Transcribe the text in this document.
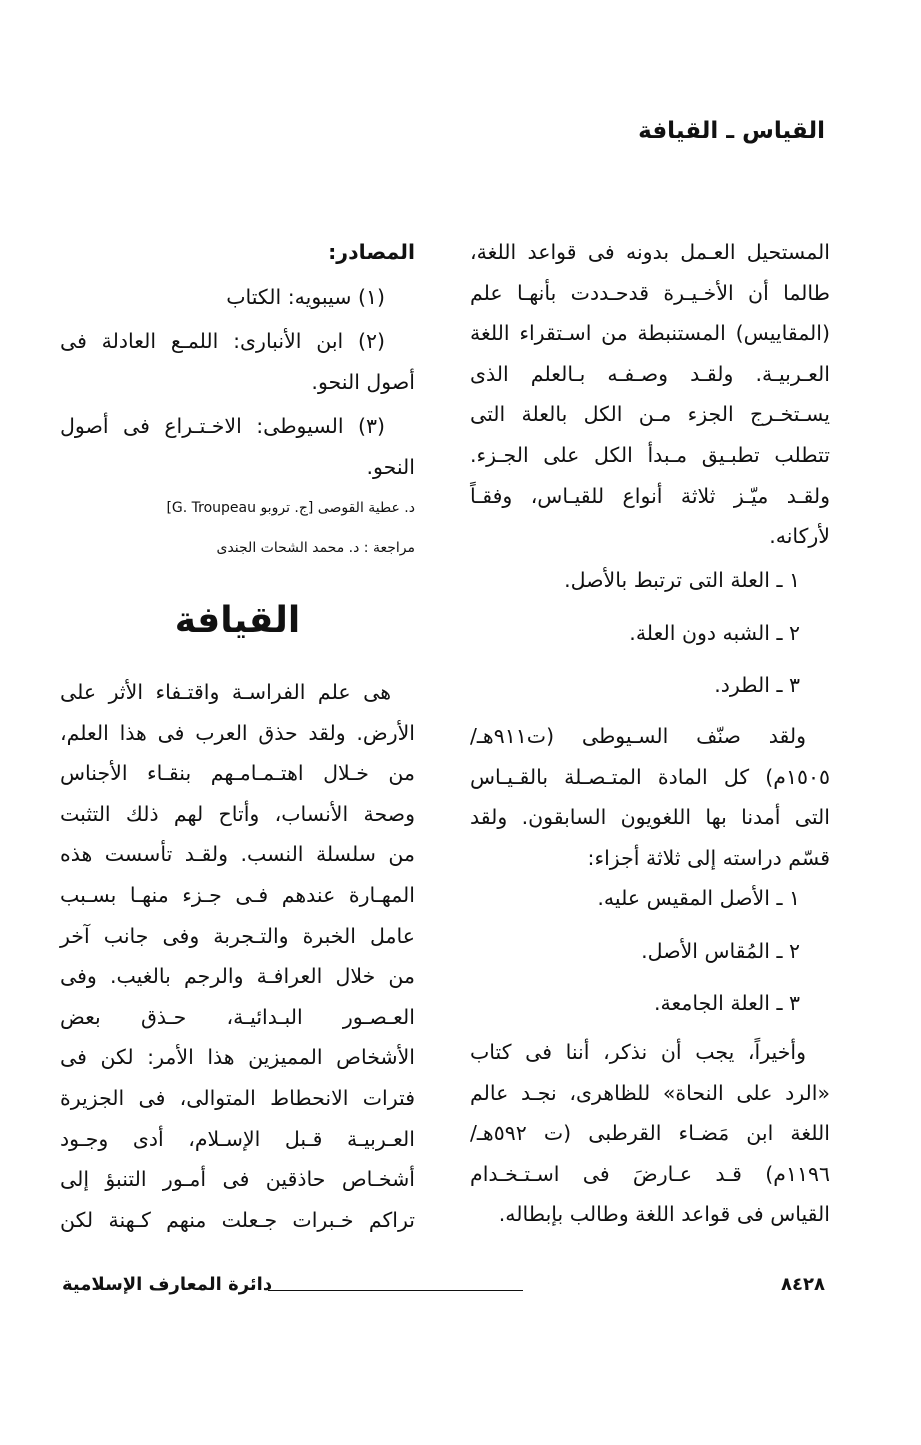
القياس ـ القيافة

المستحيل العـمل بدونه فى قواعد اللغة،
طالما أن الأخـيـرة قدحـددت بأنهـا علم
(المقاييس) المستنبطة من اسـتقراء اللغة
العـربيـة. ولقـد وصـفـه بـالعلم الذى
يسـتخـرج الجزء مـن الكل بالعلة التى
تتطلب تطبـيق مـبدأ الكل على الجـزء.
ولقـد ميّـز ثلاثة أنواع للقيـاس، وفقـاً
لأركانه.

١ ـ العلة التى ترتبط بالأصل.
٢ ـ الشبه دون العلة.
٣ ـ الطرد.
ولقد صنّف السـيوطى (ت٩١١هـ/
١٥٠٥م) كل المادة المتـصـلة بالقـيـاس
التى أمدنا بها اللغويون السابقون. ولقد
قسّم دراسته إلى ثلاثة أجزاء:
١ ـ الأصل المقيس عليه.
٢ ـ المُقاس الأصل.
٣ ـ العلة الجامعة.
وأخيراً، يجب أن نذكر، أننا فى كتاب
«الرد على النحاة» للظاهرى، نجـد عالم
اللغة ابن مَضـاء القرطبى (ت ٥٩٢هـ/
١١٩٦م) قـد عـارضَ فى اسـتـخـدام
القياس فى قواعد اللغة وطالب بإبطاله.
المصادر:
(١) سيبويه: الكتاب
(٢) ابن الأنبارى: اللمـع العادلة فى
أصول النحو.
(٣) السيوطى: الاخـتـراع فى أصول
النحو.
د. عطية القوصى [ج. تروبو G. Troupeau]
مراجعة : د. محمد الشحات الجندى
القيافة
هى علم الفراسـة واقتـفاء الأثر على
الأرض. ولقد حذق العرب فى هذا العلم،
من خـلال اهتـمـامـهم بنقـاء الأجناس
وصحة الأنساب، وأتاح لهم ذلك التثبت
من سلسلة النسب. ولقـد تأسست هذه
المهـارة عندهم فـى جـزء منهـا بسـبب
عامل الخبرة والتـجربة وفى جانب آخر
من خلال العرافـة والرجم بالغيب. وفى
العـصـور البـدائيـة، حـذق بعض
الأشخاص المميزين هذا الأمر: لكن فى
فترات الانحطاط المتوالى، فى الجزيرة
العـربيـة قـبل الإسـلام، أدى وجـود
أشخـاص حاذقين فى أمـور التنبؤ إلى
تراكم خـبرات جـعلت منهم كـهنة لكن
٨٤٢٨
دائرة المعارف الإسلامية
